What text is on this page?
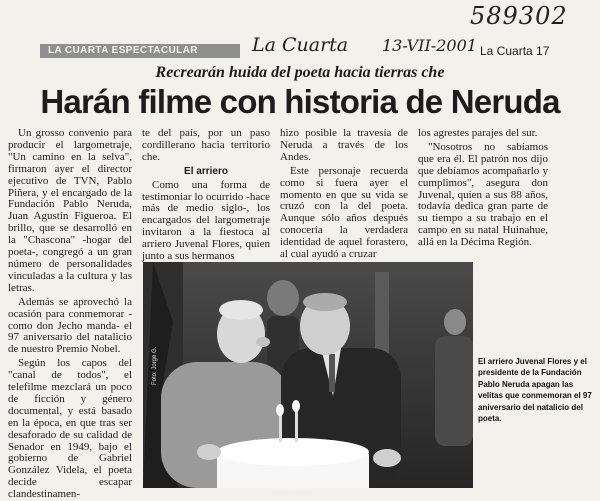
589302
La Cuarta 13-VII-2001
LA CUARTA ESPECTACULAR	La Cuarta 17
Recrearán huida del poeta hacia tierras che
Harán filme con historia de Neruda

Un grosso convenio para producir el largometraje, "Un camino en la selva", firmaron ayer el director ejecutivo de TVN, Pablo Piñera, y el encargado de la Fundación Pablo Neruda, Juan Agustín Figueroa. El brillo, que se desarrolló en la "Chascona" -hogar del poeta-, congregó a un gran número de personalidades vinculadas a la cultura y las letras.

Además se aprovechó la ocasión para conmemorar -como don Jecho manda- el 97 aniversario del natalicio de nuestro Premio Nobel.

Según los capos del "canal de todos", el telefilme mezclará un poco de ficción y género documental, y está basado en la época, en que tras ser desaforado de su calidad de Senador en 1949, bajo el gobierno de Gabriel González Videla, el poeta decide escapar clandestinamen-

te del país, por un paso cordillerano hacia territorio che.

El arriero

Como una forma de testimoniar lo ocurrido -hace más de medio siglo-, los encargados del largometraje invitaron a la fiestoca al arriero Juvenal Flores, quien junto a sus hermanos

hizo posible la travesía de Neruda a través de los Andes.

Este personaje recuerda como si fuera ayer el momento en que su vida se cruzó con la del poeta. Aunque sólo años después conocería la verdadera identidad de aquel forastero, al cual ayudó a cruzar

los agrestes parajes del sur.

"Nosotros no sabíamos que era él. El patrón nos dijo que debíamos acompañarlo y cumplimos", asegura don Juvenal, quien a sus 88 años, todavía dedica gran parte de su tiempo a su trabajo en el campo en su natal Huinahue, allá en la Décima Región.

Foto: Jorge G.	El arriero Juvenal Flores y el presidente de la Fundación Pablo Neruda apagan las velitas que conmemoran el 97 aniversario del natalicio del poeta.
